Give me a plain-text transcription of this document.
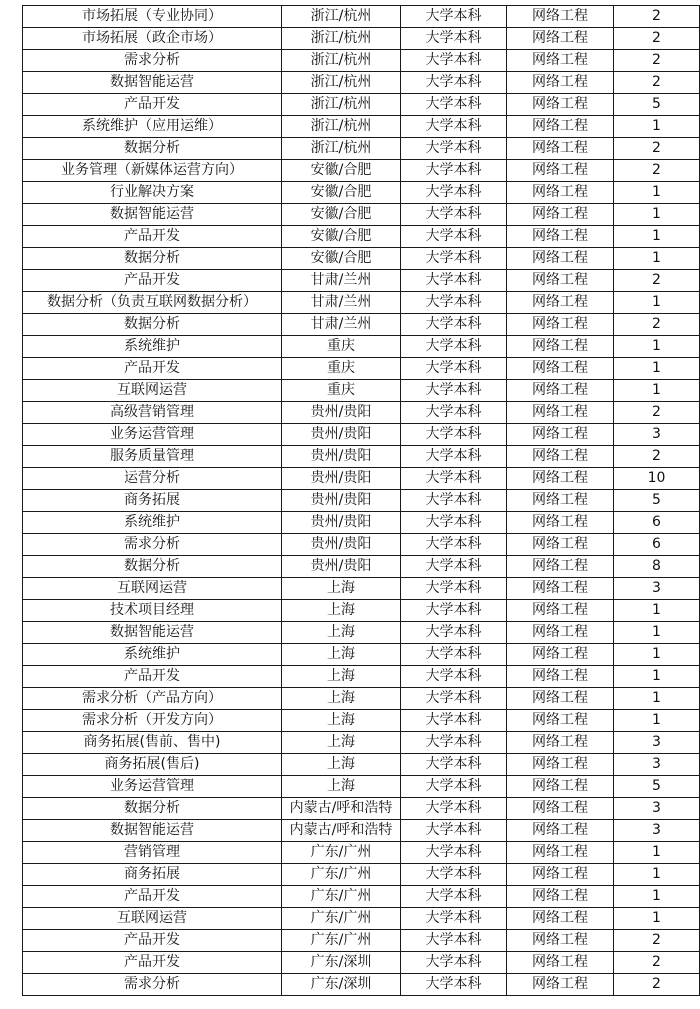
市场拓展（专业协同）	浙江/杭州	大学本科	网络工程	2
市场拓展（政企市场）	浙江/杭州	大学本科	网络工程	2
需求分析	浙江/杭州	大学本科	网络工程	2
数据智能运营	浙江/杭州	大学本科	网络工程	2
产品开发	浙江/杭州	大学本科	网络工程	5
系统维护（应用运维）	浙江/杭州	大学本科	网络工程	1
数据分析	浙江/杭州	大学本科	网络工程	2
业务管理（新媒体运营方向）	安徽/合肥	大学本科	网络工程	2
行业解决方案	安徽/合肥	大学本科	网络工程	1
数据智能运营	安徽/合肥	大学本科	网络工程	1
产品开发	安徽/合肥	大学本科	网络工程	1
数据分析	安徽/合肥	大学本科	网络工程	1
产品开发	甘肃/兰州	大学本科	网络工程	2
数据分析（负责互联网数据分析）	甘肃/兰州	大学本科	网络工程	1
数据分析	甘肃/兰州	大学本科	网络工程	2
系统维护	重庆	大学本科	网络工程	1
产品开发	重庆	大学本科	网络工程	1
互联网运营	重庆	大学本科	网络工程	1
高级营销管理	贵州/贵阳	大学本科	网络工程	2
业务运营管理	贵州/贵阳	大学本科	网络工程	3
服务质量管理	贵州/贵阳	大学本科	网络工程	2
运营分析	贵州/贵阳	大学本科	网络工程	10
商务拓展	贵州/贵阳	大学本科	网络工程	5
系统维护	贵州/贵阳	大学本科	网络工程	6
需求分析	贵州/贵阳	大学本科	网络工程	6
数据分析	贵州/贵阳	大学本科	网络工程	8
互联网运营	上海	大学本科	网络工程	3
技术项目经理	上海	大学本科	网络工程	1
数据智能运营	上海	大学本科	网络工程	1
系统维护	上海	大学本科	网络工程	1
产品开发	上海	大学本科	网络工程	1
需求分析（产品方向）	上海	大学本科	网络工程	1
需求分析（开发方向）	上海	大学本科	网络工程	1
商务拓展(售前、售中)	上海	大学本科	网络工程	3
商务拓展(售后)	上海	大学本科	网络工程	3
业务运营管理	上海	大学本科	网络工程	5
数据分析	内蒙古/呼和浩特	大学本科	网络工程	3
数据智能运营	内蒙古/呼和浩特	大学本科	网络工程	3
营销管理	广东/广州	大学本科	网络工程	1
商务拓展	广东/广州	大学本科	网络工程	1
产品开发	广东/广州	大学本科	网络工程	1
互联网运营	广东/广州	大学本科	网络工程	1
产品开发	广东/广州	大学本科	网络工程	2
产品开发	广东/深圳	大学本科	网络工程	2
需求分析	广东/深圳	大学本科	网络工程	2
